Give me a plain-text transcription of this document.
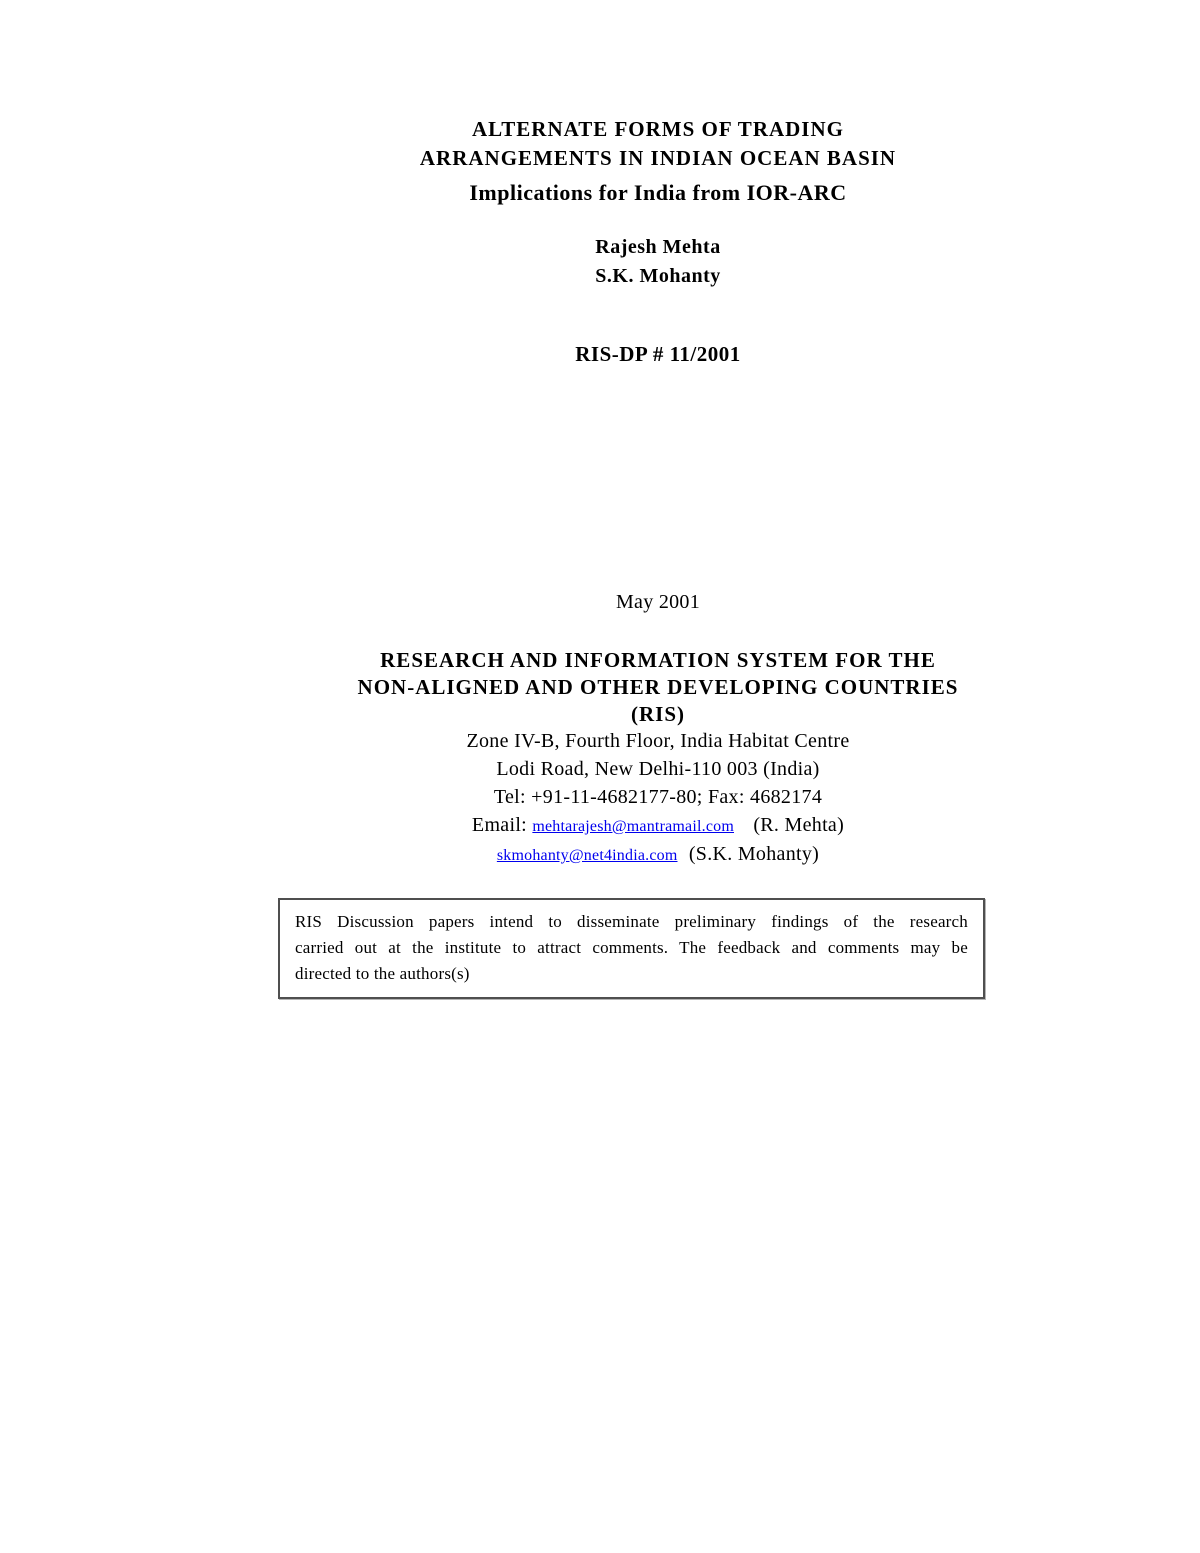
ALTERNATE FORMS OF TRADING
ARRANGEMENTS IN INDIAN OCEAN BASIN
Implications for India from IOR-ARC
Rajesh Mehta
S.K. Mohanty
RIS-DP # 11/2001
May 2001
RESEARCH AND INFORMATION SYSTEM FOR THE
NON-ALIGNED AND OTHER DEVELOPING COUNTRIES
(RIS)
Zone IV-B, Fourth Floor, India Habitat Centre
Lodi Road, New Delhi-110 003 (India)
Tel: +91-11-4682177-80; Fax: 4682174
Email: mehtarajesh@mantramail.com (R. Mehta)
skmohanty@net4india.com (S.K. Mohanty)
RIS Discussion papers intend to disseminate preliminary findings of the research
carried out at the institute to attract comments. The feedback and comments may be
directed to the authors(s)
